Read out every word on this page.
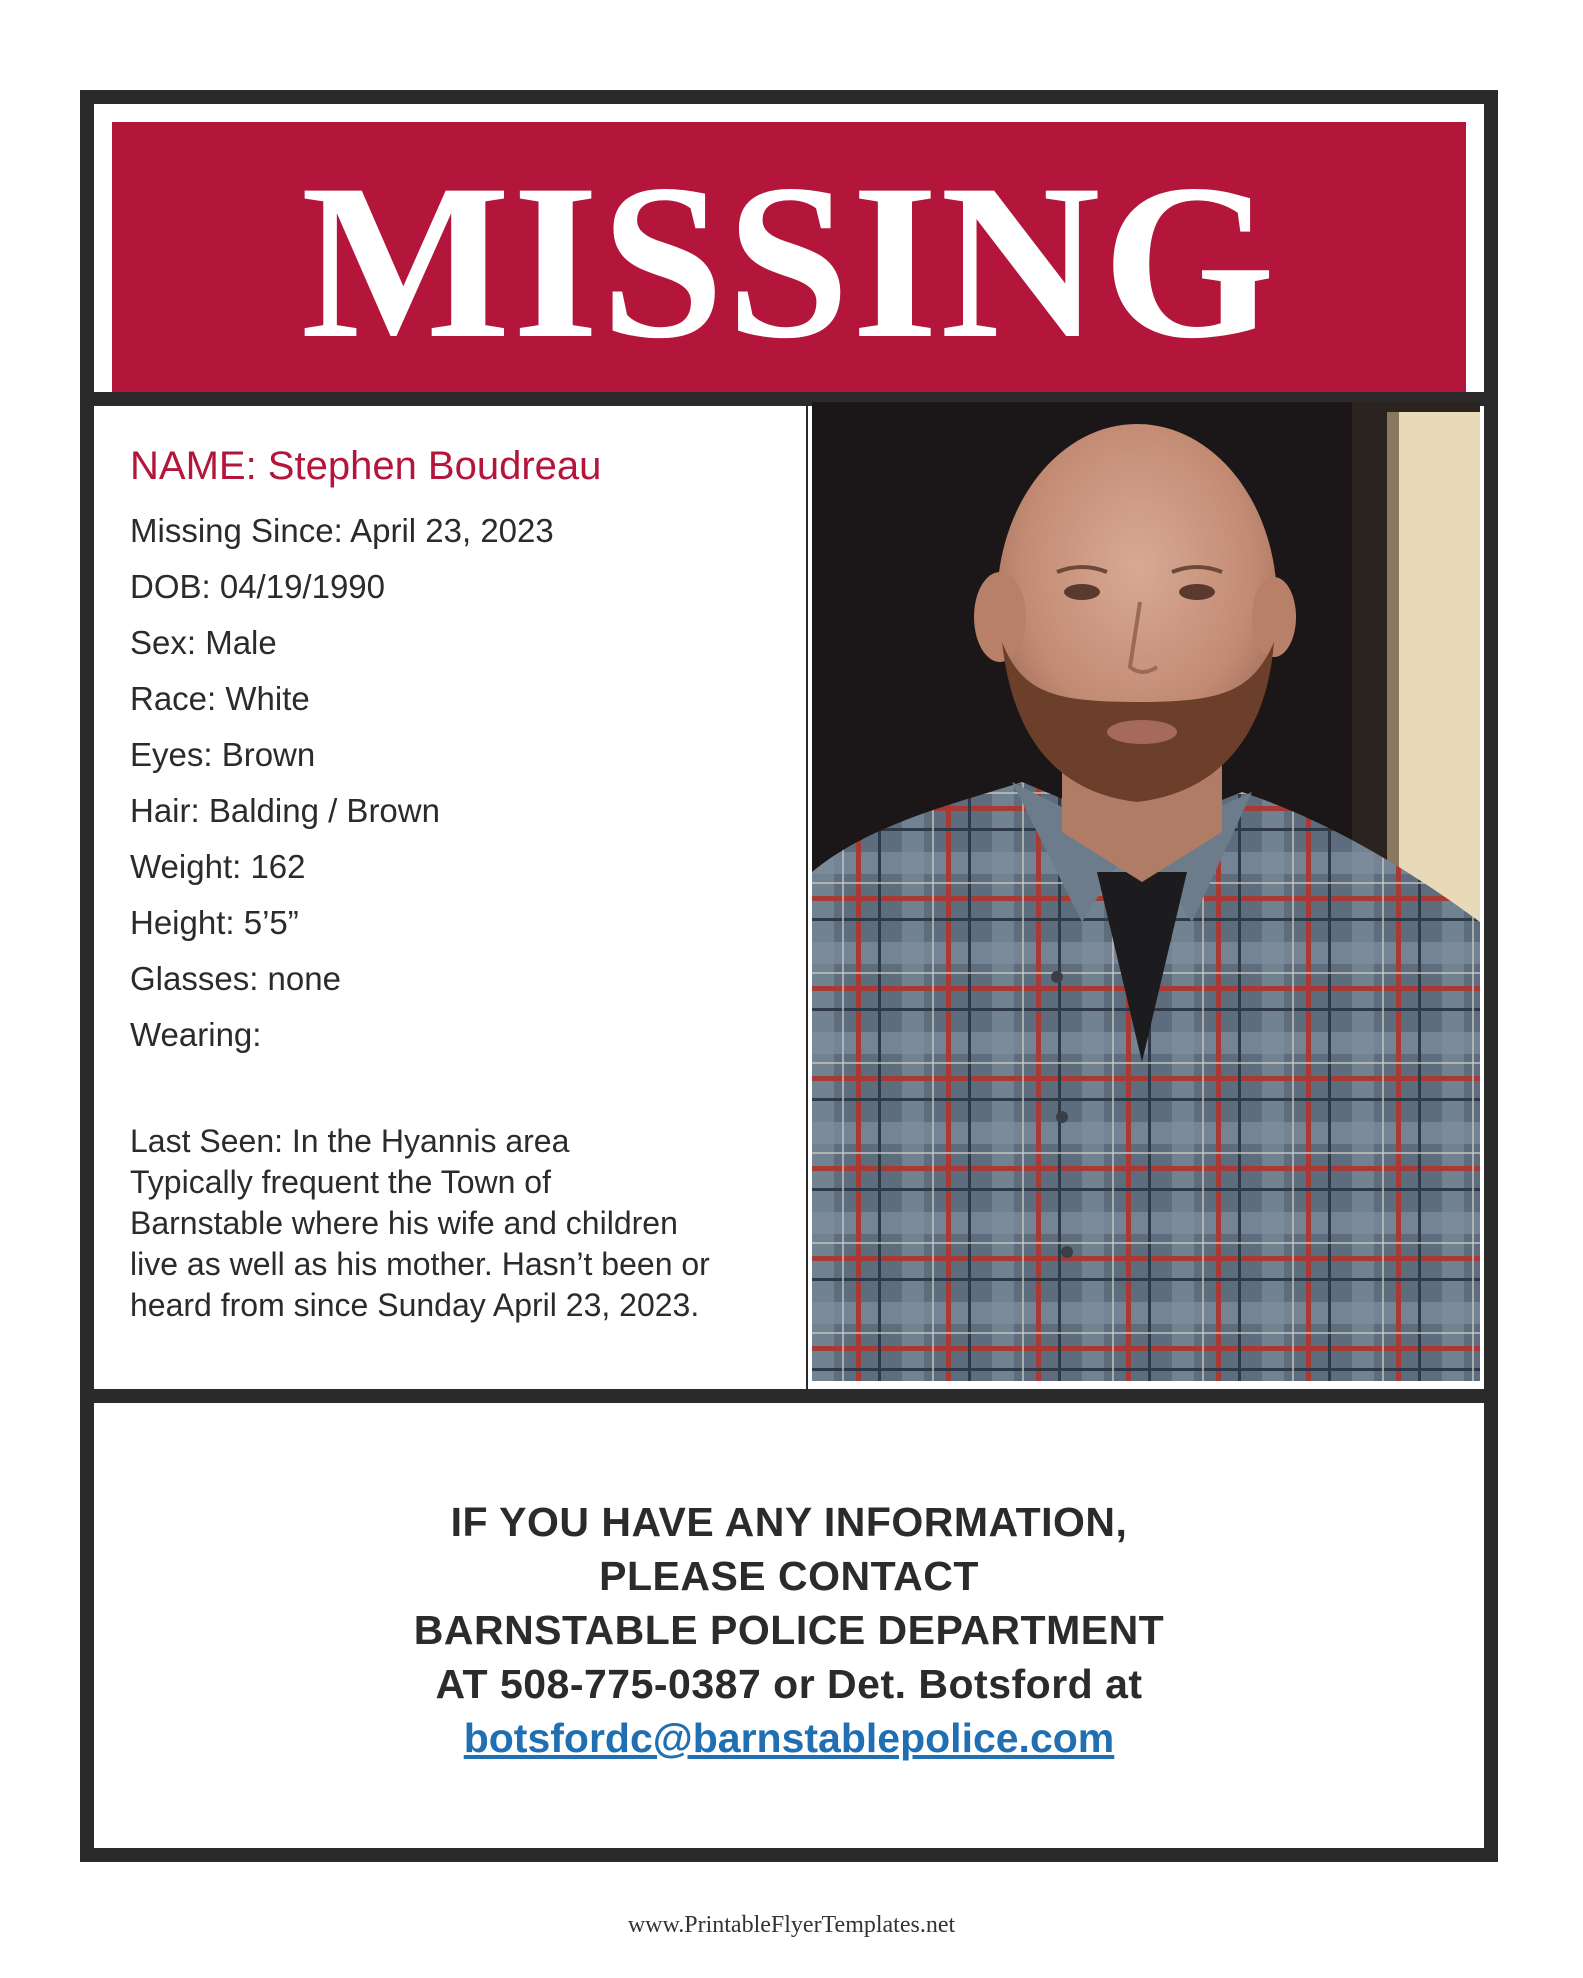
MISSING

NAME: Stephen Boudreau

Missing Since: April 23, 2023

DOB: 04/19/1990

Sex: Male

Race: White

Eyes: Brown

Hair: Balding / Brown

Weight: 162

Height: 5’5”

Glasses: none

Wearing:

Last Seen: In the Hyannis area
Typically frequent the Town of
Barnstable where his wife and children
live as well as his mother. Hasn’t been or
heard from since Sunday April 23, 2023.
IF YOU HAVE ANY INFORMATION,
PLEASE CONTACT
BARNSTABLE POLICE DEPARTMENT
AT 508-775-0387 or Det. Botsford at
botsfordc@barnstablepolice.com
www.PrintableFlyerTemplates.net
